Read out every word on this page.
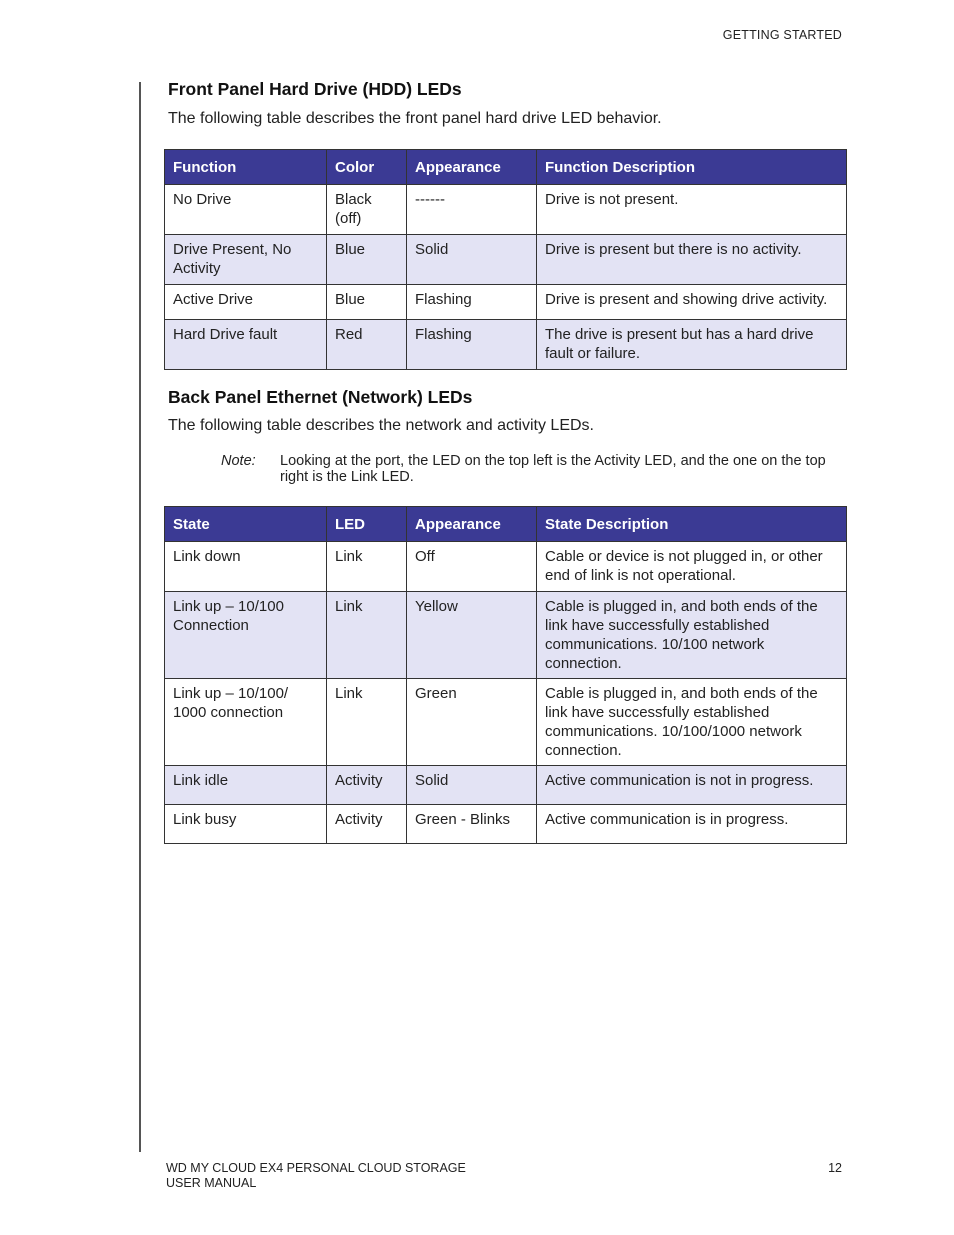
GETTING STARTED
Front Panel Hard Drive (HDD) LEDs

The following table describes the front panel hard drive LED behavior.

Function	Color	Appearance	Function Description
No Drive	Black (off)	------	Drive is not present.
Drive Present, No Activity	Blue	Solid	Drive is present but there is no activity.
Active Drive	Blue	Flashing	Drive is present and showing drive activity.
Hard Drive fault	Red	Flashing	The drive is present but has a hard drive fault or failure.
Back Panel Ethernet (Network) LEDs

The following table describes the network and activity LEDs.

Note: Looking at the port, the LED on the top left is the Activity LED, and the one on the top right is the Link LED.
State	LED	Appearance	State Description
Link down	Link	Off	Cable or device is not plugged in, or other end of link is not operational.
Link up – 10/100 Connection	Link	Yellow	Cable is plugged in, and both ends of the link have successfully established communications. 10/100 network connection.
Link up – 10/100/ 1000 connection	Link	Green	Cable is plugged in, and both ends of the link have successfully established communications. 10/100/1000 network connection.
Link idle	Activity	Solid	Active communication is not in progress.
Link busy	Activity	Green - Blinks	Active communication is in progress.
WD MY CLOUD EX4 PERSONAL CLOUD STORAGE
USER MANUAL
12
